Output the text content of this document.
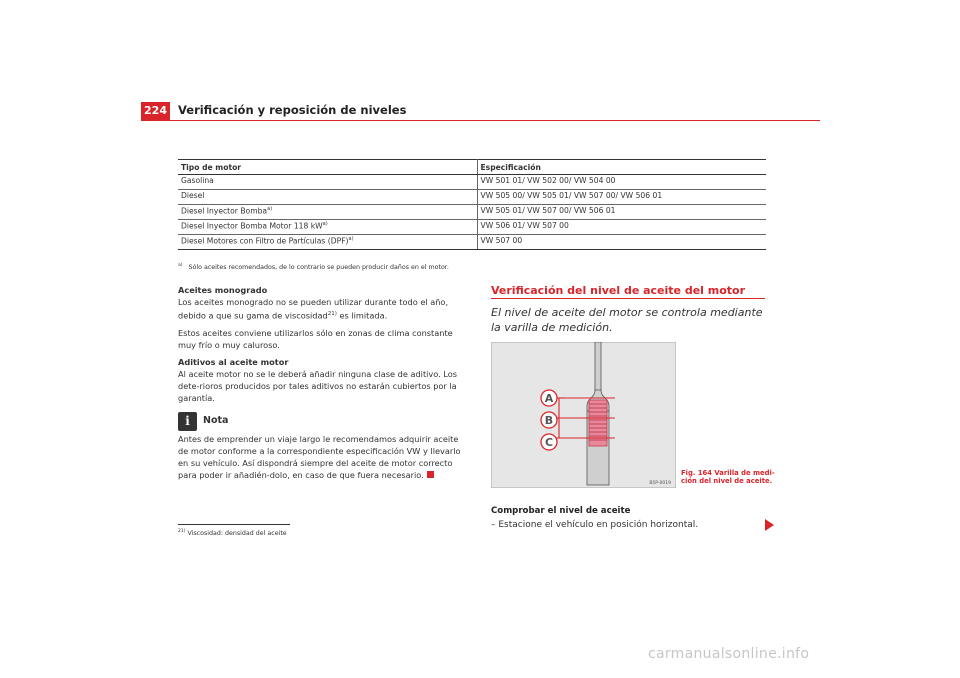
224 Verificación y reposición de niveles
Tipo de motor	Especificación
Gasolina	VW 501 01/ VW 502 00/ VW 504 00
Diesel	VW 505 00/ VW 505 01/ VW 507 00/ VW 506 01
Diesel Inyector Bomba$^{a)}$	VW 505 01/ VW 507 00/ VW 506 01
Diesel Inyector Bomba Motor 118 $kW^{a)}$	VW 506 01/ VW 507 00
Diesel Motores con Filtro de Partículas (DPF)$^{a)}$	VW 507 00
$^{a)}$ Sólo aceites recomendados, de lo contrario se pueden producir daños en el motor.

Aceites monogrado

Los aceites monogrado no se pueden utilizar durante todo el año, debido a que su gama de viscosidad$^{21)}$ es limitada.

Estos aceites conviene utilizarlos sólo en zonas de clima constante muy frío o muy caluroso.

Aditivos al aceite motor

Al aceite motor no se le deberá añadir ninguna clase de aditivo. Los dete-rioros producidos por tales aditivos no estarán cubiertos por la garantía.

i	Nota

Antes de emprender un viaje largo le recomendamos adquirir aceite de motor conforme a la correspondiente especificación VW y llevarlo en su vehículo. Así dispondrá siempre del aceite de motor correcto para poder ir añadién-dolo, en caso de que fuera necesario.

$^{21)}$ Viscosidad: densidad del aceite
Verificación del nivel de aceite del motor
El nivel de aceite del motor se controla mediante la varilla de medición.
A
B
C
B5P-0019
Fig. 164 Varilla de medi-
ción del nivel de aceite.
Comprobar el nivel de aceite
– Estacione el vehículo en posición horizontal.
carmanualsonline.info
